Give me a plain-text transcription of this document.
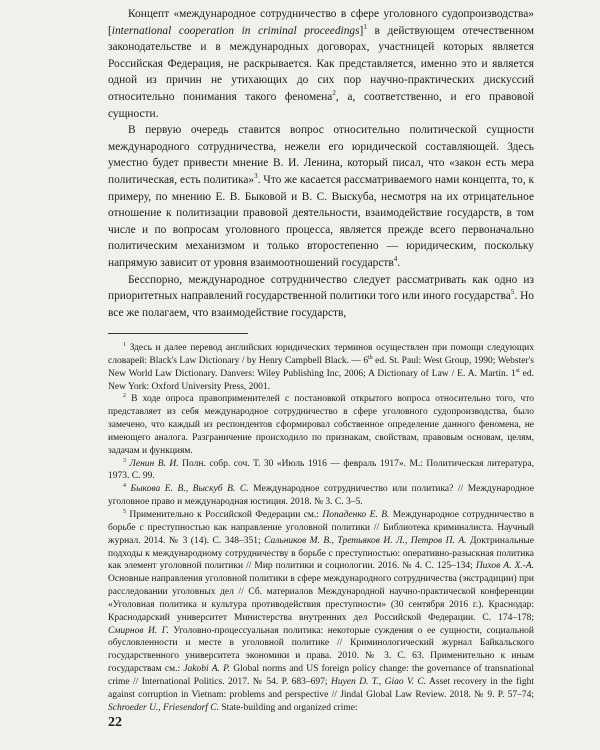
Концепт «международное сотрудничество в сфере уголовного судопроизводства» [international cooperation in criminal proceedings]$^1$ в действующем отечественном законодательстве и в международных договорах, участницей которых является Российская Федерация, не раскрывается. Как представляется, именно это и является одной из причин не утихающих до сих пор научно-практических дискуссий относительно понимания такого феномена$^2$, а, соответственно, и его правовой сущности.

В первую очередь ставится вопрос относительно политической сущности международного сотрудничества, нежели его юридической составляющей. Здесь уместно будет привести мнение В. И. Ленина, который писал, что «закон есть мера политическая, есть политика»$^3$. Что же касается рассматриваемого нами концепта, то, к примеру, по мнению Е. В. Быковой и В. С. Выскуба, несмотря на их отрицательное отношение к политизации правовой деятельности, взаимодействие государств, в том числе и по вопросам уголовного процесса, является прежде всего первоначально политическим механизмом и только второстепенно — юридическим, поскольку напрямую зависит от уровня взаимоотношений государств$^4$.

Бесспорно, международное сотрудничество следует рассматривать как одно из приоритетных направлений государственной политики того или иного государства$^5$. Но все же полагаем, что взаимодействие государств,

$^1$ Здесь и далее перевод английских юридических терминов осуществлен при помощи следующих словарей: Black's Law Dictionary / by Henry Campbell Black. — 6th ed. St. Paul: West Group, 1990; Webster's New World Law Dictionary. Danvers: Wiley Publishing Inc, 2006; A Dictionary of Law / E. A. Martin. 1st ed. New York: Oxford University Press, 2001.

$^2$ В ходе опроса правоприменителей с постановкой открытого вопроса относительно того, что представляет из себя международное сотрудничество в сфере уголовного судопроизводства, было замечено, что каждый из респондентов сформировал собственное определение данного феномена, не имеющего аналога. Разграничение происходило по признакам, свойствам, правовым основам, целям, задачам и функциям.

$^3$ Ленин В. И. Полн. собр. соч. Т. 30 «Июль 1916 — февраль 1917». М.: Политическая литература, 1973. С. 99.

$^4$ Быкова Е. В., Выскуб В. С. Международное сотрудничество или политика? // Международное уголовное право и международная юстиция. 2018. № 3. С. 3–5.

$^5$ Применительно к Российской Федерации см.: Попаденко Е. В. Международное сотрудничество в борьбе с преступностью как направление уголовной политики // Библиотека криминалиста. Научный журнал. 2014. № 3 (14). С. 348–351; Сальников М. В., Третьяков И. Л., Петров П. А. Доктринальные подходы к международному сотрудничеству в борьбе с преступностью: оперативно-разыскная политика как элемент уголовной политики // Мир политики и социологии. 2016. № 4. С. 125–134; Пихов А. Х.-А. Основные направления уголовной политики в сфере международного сотрудничества (экстрадиции) при расследовании уголовных дел // Сб. материалов Международной научно-практической конференции «Уголовная политика и культура противодействия преступности» (30 сентября 2016 г.). Краснодар: Краснодарский университет Министерства внутренних дел Российской Федерации. С. 174–178; Смирнов И. Г. Уголовно-процессуальная политика: некоторые суждения о ее сущности, социальной обусловленности и месте в уголовной политике // Криминологический журнал Байкальского государственного университета экономики и права. 2010. № 3. С. 63. Применительно к иным государствам см.: Jakobi A. P. Global norms and US foreign policy change: the governance of transnational crime // International Politics. 2017. № 54. P. 683–697; Huyen D. T., Giao V. C. Asset recovery in the fight against corruption in Vietnam: problems and perspective // Jindal Global Law Review. 2018. № 9. P. 57–74; Schroeder U., Friesendorf C. State-building and organized crime:

22
